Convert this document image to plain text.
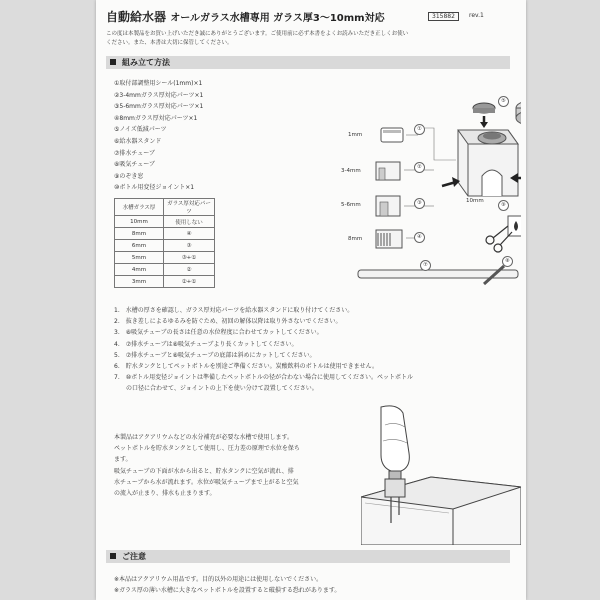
自動給水器 オールガラス水槽専用 ガラス厚3～10mm対応	315882	rev.1
この度は本製品をお買い上げいただき誠にありがとうございます。ご使用前に必ず本書をよくお読みいただき正しくお使い
ください。また、本書は大切に保管してください。
組み立て方法
①取付部調整用シール(1mm)×1
②3-4mmガラス厚対応パーツ×1
③5-6mmガラス厚対応パーツ×1
④8mmガラス厚対応パーツ×1
⑤ノイズ低減パーツ
⑥給水器スタンド
⑦排水チューブ
⑧吸気チューブ
⑨のぞき窓
⑩ボトル用変径ジョイント×1
水槽ガラス厚	ガラス厚対応パーツ
10mm	使用しない
8mm	④
6mm	③
5mm	③+①
4mm	②
3mm	②+①
1mm
3-4mm
5-6mm
8mm
10mm
①
②
③
④
⑤
⑦
⑧
⑨
1.　水槽の厚さを確認し、ガラス厚対応パーツを給水器スタンドに取り付けてください。
2.　抜き差しによるゆるみを防ぐため、初回の解体以降は取り外さないでください。
3.　⑧吸気チューブの長さは任意の水位程度に合わせてカットしてください。
4.　⑦排水チューブは⑧吸気チューブより長くカットしてください。
5.　⑦排水チューブと⑧吸気チューブの底部は斜めにカットしてください。
6.　貯水タンクとしてペットボトルを別途ご準備ください。炭酸飲料のボトルは使用できません。
7.　⑩ボトル用変径ジョイントは準備したペットボトルの径が合わない場合に使用してください。ペットボトル
　　の口径に合わせて、ジョイントの上下を使い分けて設置してください。
本製品はアクアリウムなどの水分補充が必要な水槽で使用します。
ペットボトルを貯水タンクとして使用し、圧力差の原理で水位を保ち
ます。
吸気チューブの下面が水から出ると、貯水タンクに空気が流れ、排
水チューブから水が流れます。水位が吸気チューブまで上がると空気
の流入が止まり、排水も止まります。
ご注意
※本品はアクアリウム用品です。目的以外の用途には使用しないでください。
※ガラス厚の薄い水槽に大きなペットボトルを設置すると破損する恐れがあります。
